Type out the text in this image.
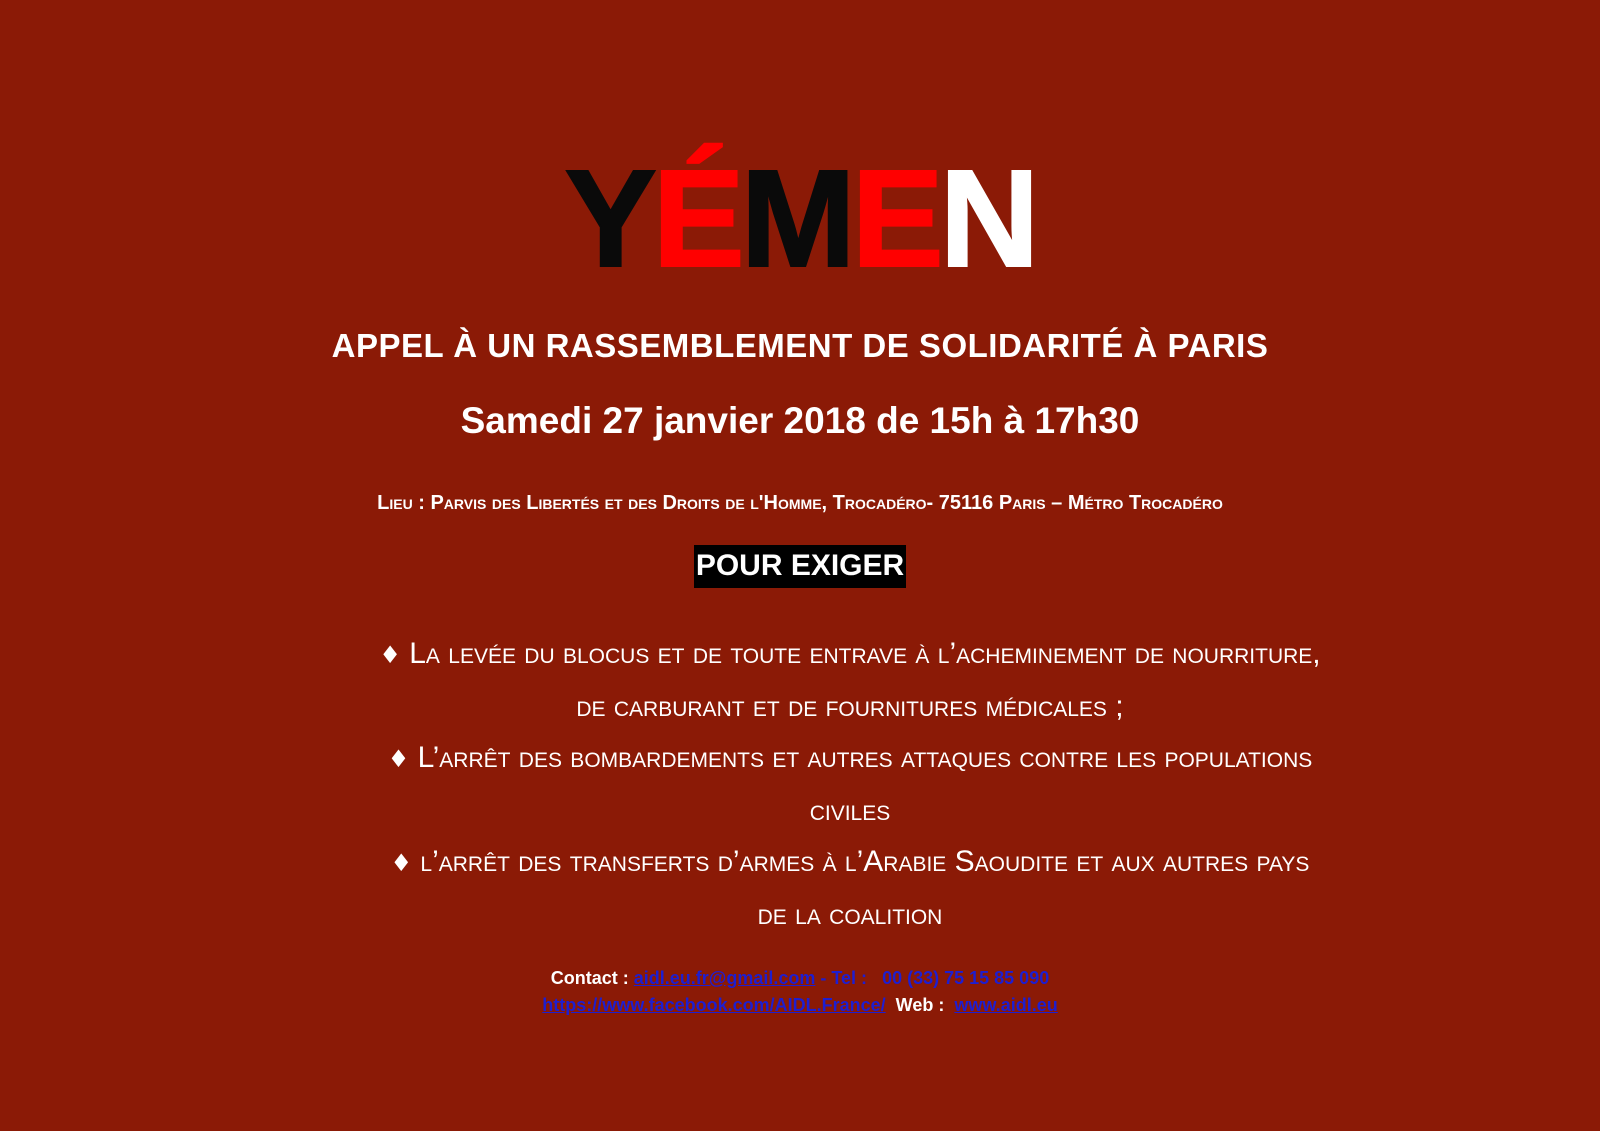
YÉMEN
APPEL À UN RASSEMBLEMENT DE SOLIDARITÉ À PARIS
Samedi 27 janvier 2018 de 15h à 17h30
Lieu : Parvis des Libertés et des Droits de l'Homme, Trocadéro- 75116 Paris – Métro Trocadéro
POUR EXIGER
♦ La levée du blocus et de toute entrave à l’acheminement de nourriture,
de carburant et de fournitures médicales ;
♦ L’arrêt des bombardements et autres attaques contre les populations
civiles
♦ l’arrêt des transferts d’armes à l’Arabie Saoudite et aux autres pays
de la coalition
Contact : aidl.eu.fr@gmail.com - Tel : 00 (33) 75 15 85 090
https://www.facebook.com/AIDL.France/ Web : www.aidl.eu
